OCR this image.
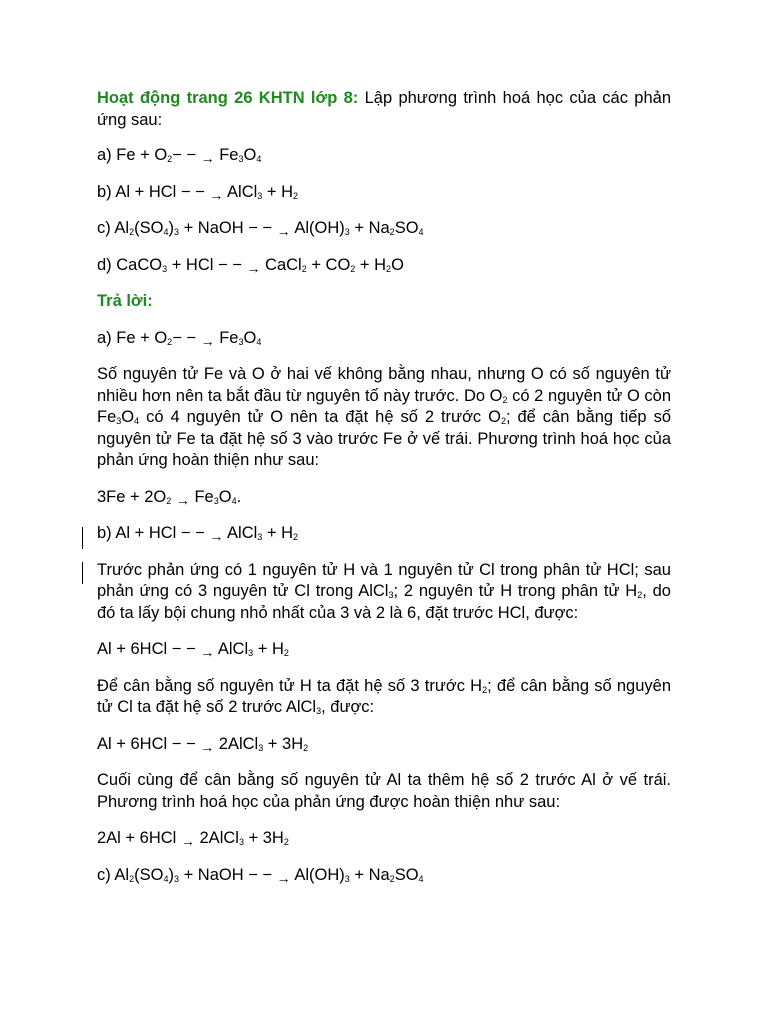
Hoạt động trang 26 KHTN lớp 8: Lập phương trình hoá học của các phản ứng sau:

a) $Fe + O_2-$ − → $Fe_3O_4$

b) Al + HCl − − → AlCl$_3$ + $H_2$

c) $Al_2(SO_4)_3$ + NaOH − − → $Al(OH)_3 + Na_2SO_4$

d) CaCO$_3$ + HCl − − → CaCl$_2$ + $CO_2 + H_2O$

Trả lời:

a) $Fe + O_2-$ − → $Fe_3O_4$

Số nguyên tử Fe và O ở hai vế không bằng nhau, nhưng O có số nguyên tử nhiều hơn nên ta bắt đầu từ nguyên tố này trước. Do $O_2$ có 2 nguyên tử O còn $Fe_3O_4$ có 4 nguyên tử O nên ta đặt hệ số 2 trước $O_2$; để cân bằng tiếp số nguyên tử Fe ta đặt hệ số 3 vào trước Fe ở vế trái. Phương trình hoá học của phản ứng hoàn thiện như sau:

$3Fe + 2O_2 \to Fe_3O_4$.

b) Al + HCl − − → AlCl$_3$ + $H_2$

Trước phản ứng có 1 nguyên tử H và 1 nguyên tử Cl trong phân tử HCl; sau phản ứng có 3 nguyên tử Cl trong AlCl$_3$; 2 nguyên tử H trong phân tử $H_2$, do đó ta lấy bội chung nhỏ nhất của 3 và 2 là 6, đặt trước HCl, được:

Al + 6HCl − − → AlCl$_3$ + $H_2$

Để cân bằng số nguyên tử H ta đặt hệ số 3 trước $H_2$; để cân bằng số nguyên tử Cl ta đặt hệ số 2 trước AlCl$_3$, được:

Al + 6HCl − − → 2AlCl$_3$ + $3H_2$

Cuối cùng để cân bằng số nguyên tử Al ta thêm hệ số 2 trước Al ở vế trái. Phương trình hoá học của phản ứng được hoàn thiện như sau:

2Al + 6HCl → 2AlCl$_3$ + $3H_2$

c) $Al_2(SO_4)_3$ + NaOH − − → $Al(OH)_3 + Na_2SO_4$
